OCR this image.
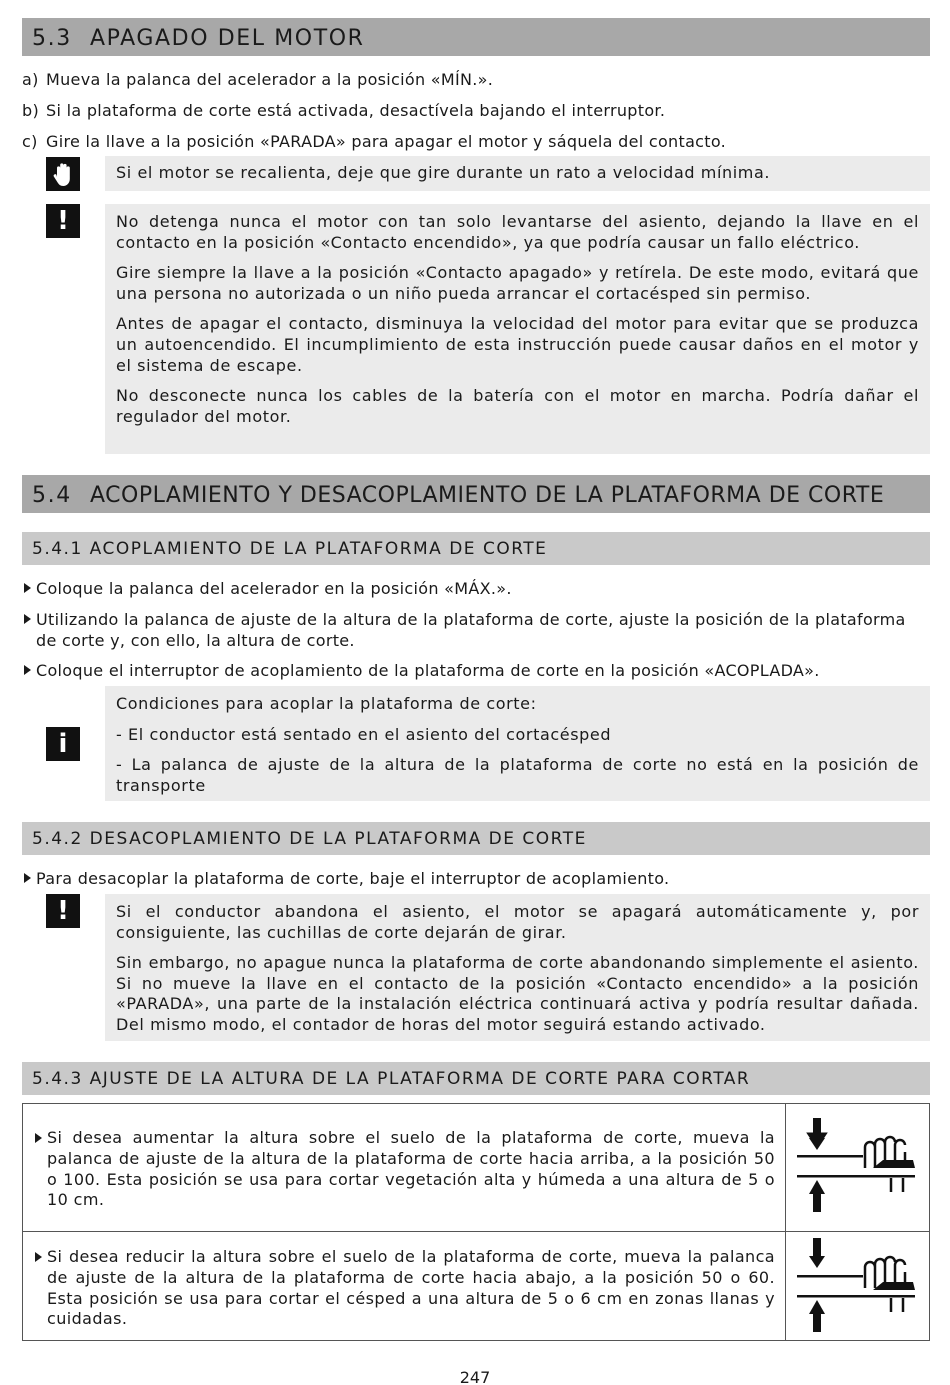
5.3 APAGADO DEL MOTOR
a) Mueva la palanca del acelerador a la posición «MÍN.».
b) Si la plataforma de corte está activada, desactívela bajando el interruptor.
c) Gire la llave a la posición «PARADA» para apagar el motor y sáquela del contacto.

Si el motor se recalienta, deje que gire durante un rato a velocidad mínima.

!	No detenga nunca el motor con tan solo levantarse del asiento, dejando la llave en el contacto en la posición «Contacto encendido», ya que podría causar un fallo eléctrico.

Gire siempre la llave a la posición «Contacto apagado» y retírela. De este modo, evitará que una persona no autorizada o un niño pueda arrancar el cortacésped sin permiso.

Antes de apagar el contacto, disminuya la velocidad del motor para evitar que se produzca un autoencendido. El incumplimiento de esta instrucción puede causar daños en el motor y el sistema de escape.

No desconecte nunca los cables de la batería con el motor en marcha. Podría dañar el regulador del motor.

5.4 ACOPLAMIENTO Y DESACOPLAMIENTO DE LA PLATAFORMA DE CORTE
5.4.1 ACOPLAMIENTO DE LA PLATAFORMA DE CORTE
Coloque la palanca del acelerador en la posición «MÁX.».
Utilizando la palanca de ajuste de la altura de la plataforma de corte, ajuste la posición de la plataforma de corte y, con ello, la altura de corte.
Coloque el interruptor de acoplamiento de la plataforma de corte en la posición «ACOPLADA».
i

Condiciones para acoplar la plataforma de corte:

- El conductor está sentado en el asiento del cortacésped

- La palanca de ajuste de la altura de la plataforma de corte no está en la posición de transporte

5.4.2 DESACOPLAMIENTO DE LA PLATAFORMA DE CORTE
Para desacoplar la plataforma de corte, baje el interruptor de acoplamiento.
!	Si el conductor abandona el asiento, el motor se apagará automáticamente y, por consiguiente, las cuchillas de corte dejarán de girar.

Sin embargo, no apague nunca la plataforma de corte abandonando simplemente el asiento. Si no mueve la llave en el contacto de la posición «Contacto encendido» a la posición «PARADA», una parte de la instalación eléctrica continuará activa y podría resultar dañada. Del mismo modo, el contador de horas del motor seguirá estando activado.

5.4.3 AJUSTE DE LA ALTURA DE LA PLATAFORMA DE CORTE PARA CORTAR
Si desea aumentar la altura sobre el suelo de la plataforma de corte, mueva la palanca de ajuste de la altura de la plataforma de corte hacia arriba, a la posición 50 o 100. Esta posición se usa para cortar vegetación alta y húmeda a una altura de 5 o 10 cm.
Si desea reducir la altura sobre el suelo de la plataforma de corte, mueva la palanca de ajuste de la altura de la plataforma de corte hacia abajo, a la posición 50 o 60. Esta posición se usa para cortar el césped a una altura de 5 o 6 cm en zonas llanas y cuidadas.
247
